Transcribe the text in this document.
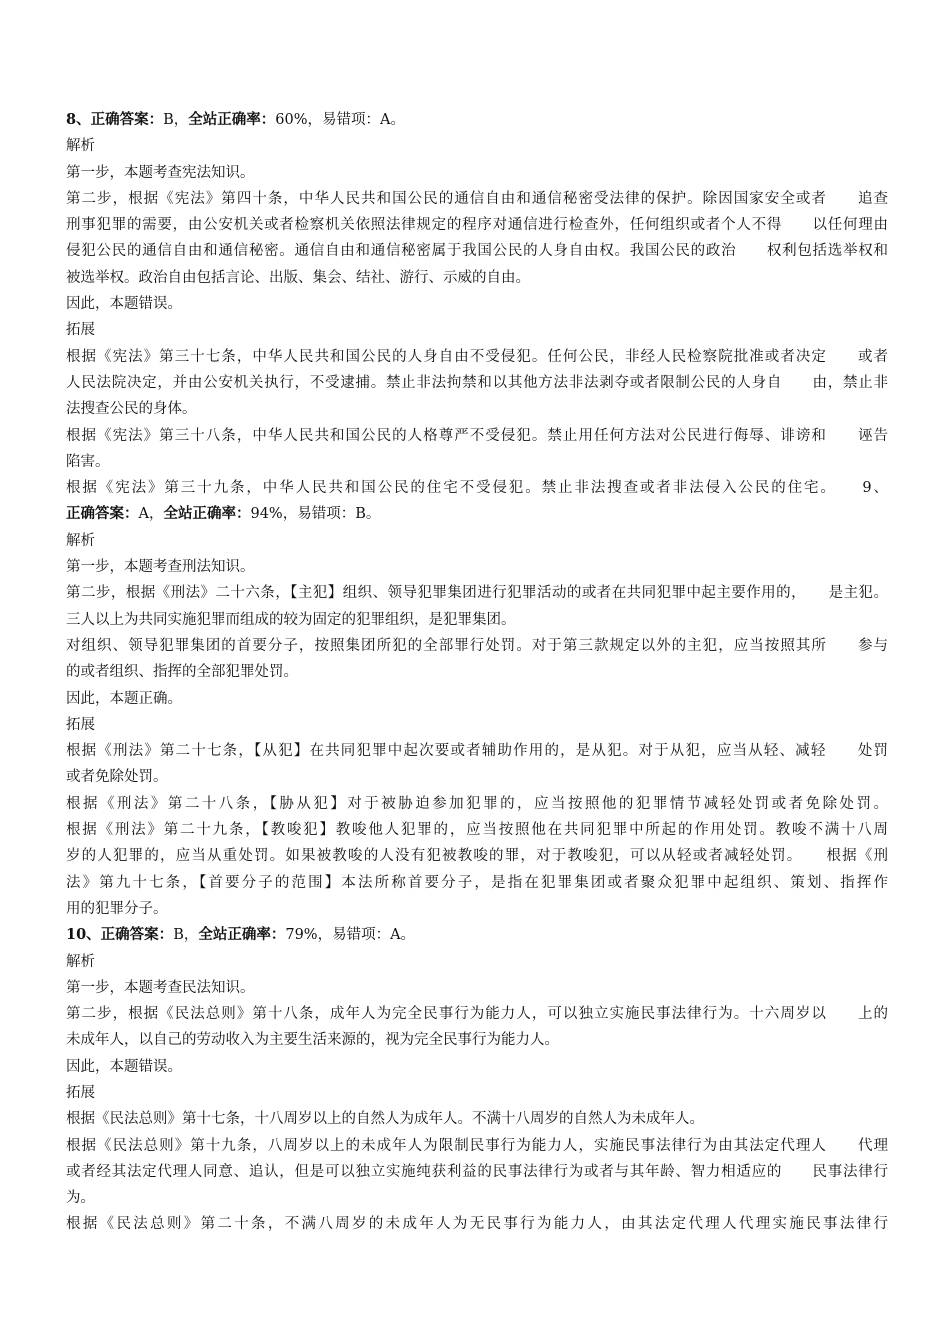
8、正确答案：B，全站正确率：60%，易错项：A。
解析
第一步，本题考查宪法知识。
第二步，根据《宪法》第四十条，中华人民共和国公民的通信自由和通信秘密受法律的保护。除因国家安全或者　　追查
刑事犯罪的需要，由公安机关或者检察机关依照法律规定的程序对通信进行检查外，任何组织或者个人不得　　以任何理由
侵犯公民的通信自由和通信秘密。通信自由和通信秘密属于我国公民的人身自由权。我国公民的政治　　权利包括选举权和
被选举权。政治自由包括言论、出版、集会、结社、游行、示威的自由。
因此，本题错误。
拓展
根据《宪法》第三十七条，中华人民共和国公民的人身自由不受侵犯。任何公民，非经人民检察院批准或者决定　　或者
人民法院决定，并由公安机关执行，不受逮捕。禁止非法拘禁和以其他方法非法剥夺或者限制公民的人身自　　由，禁止非
法搜查公民的身体。
根据《宪法》第三十八条，中华人民共和国公民的人格尊严不受侵犯。禁止用任何方法对公民进行侮辱、诽谤和　　诬告
陷害。
根据《宪法》第三十九条，中华人民共和国公民的住宅不受侵犯。禁止非法搜查或者非法侵入公民的住宅。　　9、
正确答案：A，全站正确率：94%，易错项：B。
解析
第一步，本题考查刑法知识。
第二步，根据《刑法》二十六条，【主犯】组织、领导犯罪集团进行犯罪活动的或者在共同犯罪中起主要作用的，　　是主犯。
三人以上为共同实施犯罪而组成的较为固定的犯罪组织，是犯罪集团。
对组织、领导犯罪集团的首要分子，按照集团所犯的全部罪行处罚。对于第三款规定以外的主犯，应当按照其所　　参与
的或者组织、指挥的全部犯罪处罚。
因此，本题正确。
拓展
根据《刑法》第二十七条，【从犯】在共同犯罪中起次要或者辅助作用的，是从犯。对于从犯，应当从轻、减轻　　处罚
或者免除处罚。
根据《刑法》第二十八条，【胁从犯】对于被胁迫参加犯罪的，应当按照他的犯罪情节减轻处罚或者免除处罚。
根据《刑法》第二十九条，【教唆犯】教唆他人犯罪的，应当按照他在共同犯罪中所起的作用处罚。教唆不满十八周
岁的人犯罪的，应当从重处罚。如果被教唆的人没有犯被教唆的罪，对于教唆犯，可以从轻或者减轻处罚。　　根据《刑
法》第九十七条，【首要分子的范围】本法所称首要分子，是指在犯罪集团或者聚众犯罪中起组织、策划、指挥作
用的犯罪分子。
10、正确答案：B，全站正确率：79%，易错项：A。
解析
第一步，本题考查民法知识。
第二步，根据《民法总则》第十八条，成年人为完全民事行为能力人，可以独立实施民事法律行为。十六周岁以　　上的
未成年人，以自己的劳动收入为主要生活来源的，视为完全民事行为能力人。
因此，本题错误。
拓展
根据《民法总则》第十七条，十八周岁以上的自然人为成年人。不满十八周岁的自然人为未成年人。
根据《民法总则》第十九条，八周岁以上的未成年人为限制民事行为能力人，实施民事法律行为由其法定代理人　　代理
或者经其法定代理人同意、追认，但是可以独立实施纯获利益的民事法律行为或者与其年龄、智力相适应的　　民事法律行
为。
根据《民法总则》第二十条，不满八周岁的未成年人为无民事行为能力人，由其法定代理人代理实施民事法律行
